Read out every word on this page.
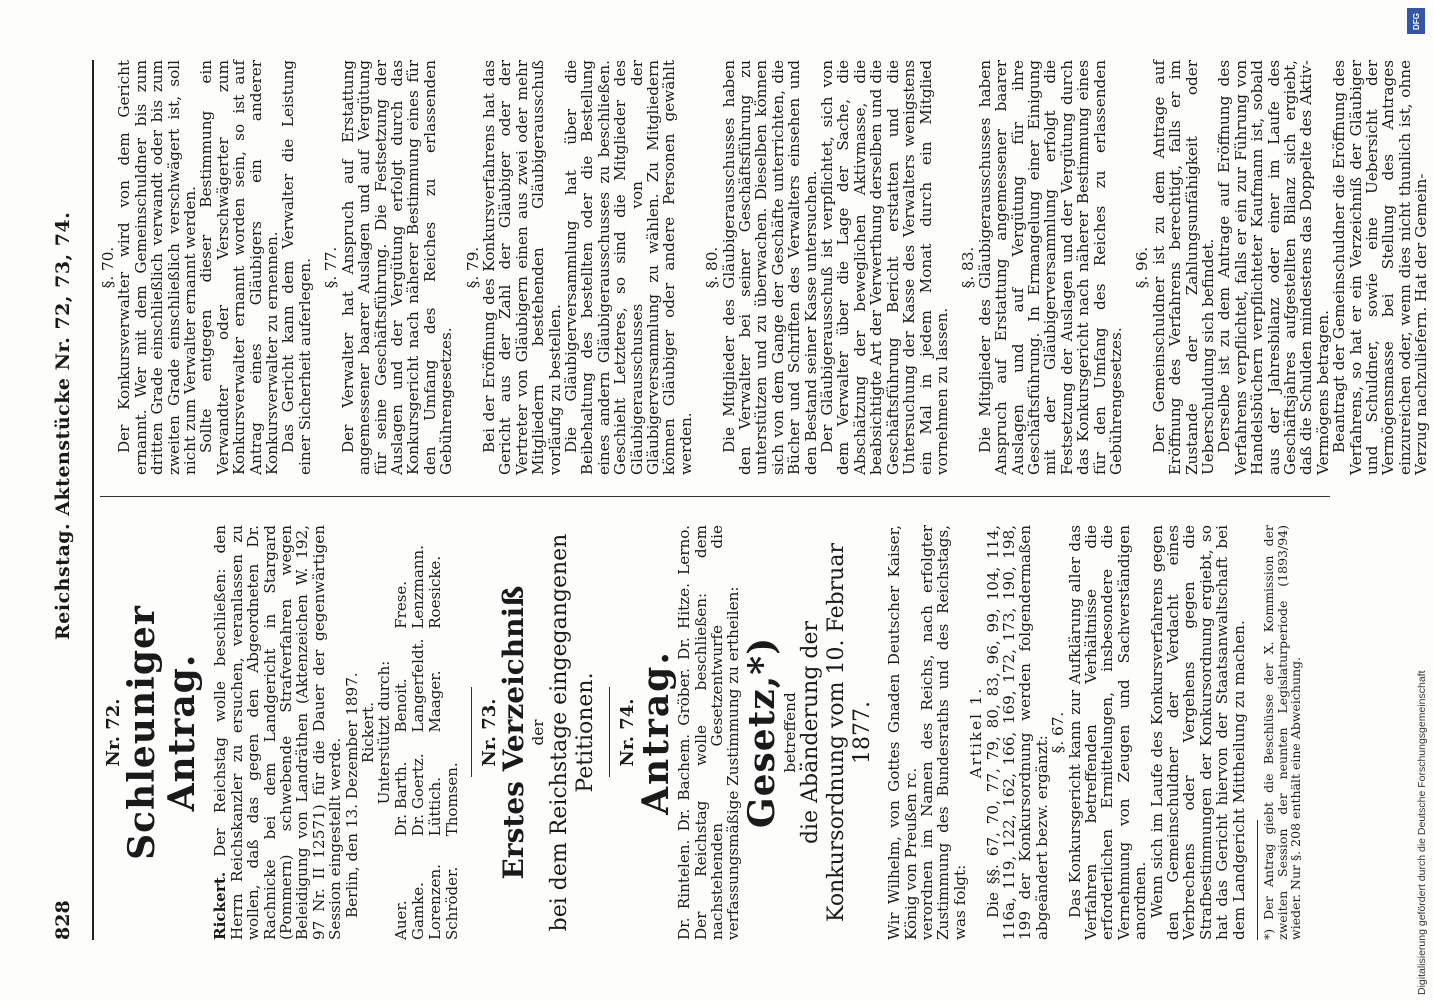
828
Reichstag. Aktenstücke Nr. 72, 73, 74.

Nr. 72.

Schleuniger Antrag.

Rickert. Der Reichstag wolle beschließen: den Herrn Reichskanzler zu ersuchen, veranlassen zu wollen, daß das gegen den Abgeordneten Dr. Rachnicke bei dem Landgericht in Stargard (Pommern) schwebende Strafverfahren wegen Beleidigung von Landräthen (Aktenzeichen W. 192, 97 Nr. II 12571) für die Dauer der gegenwärtigen Session eingestellt werde.

Berlin, den 13. Dezember 1897.

Rickert.

Unterstützt durch:

Auer.
Dr. Barth.
Benoit.
Frese.
Gamke.
Dr. Goertz.
Langerfeldt.
Lenzmann.
Lorenzen.
Lüttich.
Maager.
Roesicke.
Schröder.
Thomsen.

Nr. 73.

Erstes Verzeichniß der bei dem Reichstage eingegangenen Petitionen. Nr. 74.

Antrag.

Dr. Rintelen. Dr. Bachem. Gröber. Dr. Hitze. Lerno. Der Reichstag wolle beschließen: dem nachstehenden Gesetzentwurfe die verfassungsmäßige Zustimmung zu ertheilen:

Gesetz,*)

betreffend die Abänderung der Konkursordnung vom 10. Februar 1877. Wir Wilhelm, von Gottes Gnaden Deutscher Kaiser, König von Preußen rc.

verordnen im Namen des Reichs, nach erfolgter Zustimmung des Bundesraths und des Reichstags, was folgt:

Artikel 1.

Die §§. 67, 70, 77, 79, 80, 83, 96, 99, 104, 114, 116a, 119, 122, 162, 166, 169, 172, 173, 190, 198, 199 der Konkursordnung werden folgendermaßen abgeändert bezw. ergänzt:

§. 67.

Das Konkursgericht kann zur Aufklärung aller das Verfahren betreffenden Verhältnisse die erforderlichen Ermittelungen, insbesondere die Vernehmung von Zeugen und Sachverständigen anordnen.

Wenn sich im Laufe des Konkursverfahrens gegen den Gemeinschuldner der Verdacht eines Verbrechens oder Vergehens gegen die Strafbestimmungen der Konkursordnung ergiebt, so hat das Gericht hiervon der Staatsanwaltschaft bei dem Landgericht Mittheilung zu machen. *) Der Antrag giebt die Beschlüsse der X. Kommission der zweiten Session der neunten Legislaturperiode (1893/94) wieder. Nur §. 208 enthält eine Abweichung.

§. 70.

Der Konkursverwalter wird von dem Gericht ernannt. Wer mit dem Gemeinschuldner bis zum dritten Grade einschließlich verwandt oder bis zum zweiten Grade einschließlich verschwägert ist, soll nicht zum Verwalter ernannt werden.

Sollte entgegen dieser Bestimmung ein Verwandter oder Verschwägerter zum Konkursverwalter ernannt worden sein, so ist auf Antrag eines Gläubigers ein anderer Konkursverwalter zu ernennen.

Das Gericht kann dem Verwalter die Leistung einer Sicherheit auferlegen. §. 77.

Der Verwalter hat Anspruch auf Erstattung angemessener baarer Auslagen und auf Vergütung für seine Geschäftsführung. Die Festsetzung der Auslagen und der Vergütung erfolgt durch das Konkursgericht nach näherer Bestimmung eines für den Umfang des Reiches zu erlassenden Gebührengesetzes.

§. 79.

Bei der Eröffnung des Konkursverfahrens hat das Gericht aus der Zahl der Gläubiger oder der Vertreter von Gläubigern einen aus zwei oder mehr Mitgliedern bestehenden Gläubigerausschuß vorläufig zu bestellen.

Die Gläubigerversammlung hat über die Beibehaltung des bestellten oder die Bestellung eines andern Gläubigerausschusses zu beschließen. Geschieht Letzteres, so sind die Mitglieder des Gläubigerausschusses von der Gläubigerversammlung zu wählen. Zu Mitgliedern können Gläubiger oder andere Personen gewählt werden.

§. 80.

Die Mitglieder des Gläubigerausschusses haben den Verwalter bei seiner Geschäftsführung zu unterstützen und zu überwachen. Dieselben können sich von dem Gange der Geschäfte unterrichten, die Bücher und Schriften des Verwalters einsehen und den Bestand seiner Kasse untersuchen.

Der Gläubigerausschuß ist verpflichtet, sich von dem Verwalter über die Lage der Sache, die Abschätzung der beweglichen Aktivmasse, die beabsichtigte Art der Verwerthung derselben und die Geschäftsführung Bericht erstatten und die Untersuchung der Kasse des Verwalters wenigstens ein Mal in jedem Monat durch ein Mitglied vornehmen zu lassen.

§. 83.

Die Mitglieder des Gläubigerausschusses haben Anspruch auf Erstattung angemessener baarer Auslagen und auf Vergütung für ihre Geschäftsführung. In Ermangelung einer Einigung mit der Gläubigerversammlung erfolgt die Festsetzung der Auslagen und der Vergütung durch das Konkursgericht nach näherer Bestimmung eines für den Umfang des Reiches zu erlassenden Gebührengesetzes.

§. 96.

Der Gemeinschuldner ist zu dem Antrage auf Eröffnung des Verfahrens berechtigt, falls er im Zustande der Zahlungsunfähigkeit oder Ueberschuldung sich befindet.

Derselbe ist zu dem Antrage auf Eröffnung des Verfahrens verpflichtet, falls er ein zur Führung von Handelsbüchern verpflichteter Kaufmann ist, sobald aus der Jahresbilanz oder einer im Laufe des Geschäftsjahres aufgestellten Bilanz sich ergiebt, daß die Schulden mindestens das Doppelte des Aktiv-Vermögens betragen.

Beantragt der Gemeinschuldner die Eröffnung des Verfahrens, so hat er ein Verzeichniß der Gläubiger und Schuldner, sowie eine Uebersicht der Vermögensmasse bei Stellung des Antrages einzureichen oder, wenn dies nicht thunlich ist, ohne Verzug nachzuliefern. Hat der Gemein-

DFG
Digitalisierung gefördert durch die Deutsche Forschungsgemeinschaft
